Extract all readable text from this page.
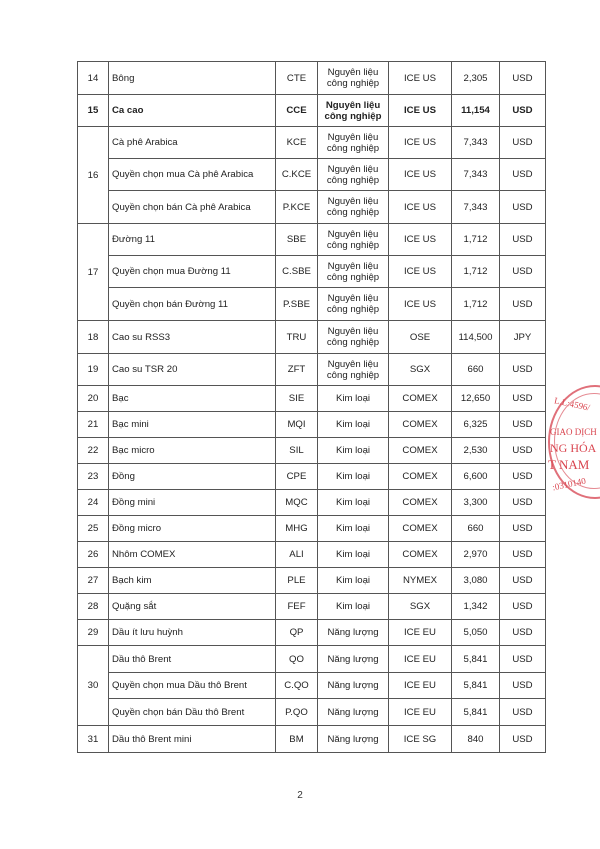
14	Bông	CTE	Nguyên liệu công nghiệp	ICE US	2,305	USD
15	Ca cao	CCE	Nguyên liệu công nghiệp	ICE US	11,154	USD
16	Cà phê Arabica	KCE	Nguyên liệu công nghiệp	ICE US	7,343	USD
	Quyền chọn mua Cà phê Arabica	C.KCE	Nguyên liệu công nghiệp	ICE US	7,343	USD
	Quyền chọn bán Cà phê Arabica	P.KCE	Nguyên liệu công nghiệp	ICE US	7,343	USD
17	Đường 11	SBE	Nguyên liệu công nghiệp	ICE US	1,712	USD
	Quyền chọn mua Đường 11	C.SBE	Nguyên liệu công nghiệp	ICE US	1,712	USD
	Quyền chọn bán Đường 11	P.SBE	Nguyên liệu công nghiệp	ICE US	1,712	USD
18	Cao su RSS3	TRU	Nguyên liệu công nghiệp	OSE	114,500	JPY
19	Cao su TSR 20	ZFT	Nguyên liệu công nghiệp	SGX	660	USD
20	Bạc	SIE	Kim loại	COMEX	12,650	USD
21	Bạc mini	MQI	Kim loại	COMEX	6,325	USD
22	Bạc micro	SIL	Kim loại	COMEX	2,530	USD
23	Đồng	CPE	Kim loại	COMEX	6,600	USD
24	Đồng mini	MQC	Kim loại	COMEX	3,300	USD
25	Đồng micro	MHG	Kim loại	COMEX	660	USD
26	Nhôm COMEX	ALI	Kim loại	COMEX	2,970	USD
27	Bạch kim	PLE	Kim loại	NYMEX	3,080	USD
28	Quặng sắt	FEF	Kim loại	SGX	1,342	USD
29	Dầu ít lưu huỳnh	QP	Năng lượng	ICE EU	5,050	USD
30	Dầu thô Brent	QO	Năng lượng	ICE EU	5,841	USD
	Quyền chọn mua Dầu thô Brent	C.QO	Năng lượng	ICE EU	5,841	USD
	Quyền chọn bán Dầu thô Brent	P.QO	Năng lượng	ICE EU	5,841	USD
31	Dầu thô Brent mini	BM	Năng lượng	ICE SG	840	USD
2
L.L:4596/
GIAO DỊCH
NG HÓA
T NAM
:0310140
